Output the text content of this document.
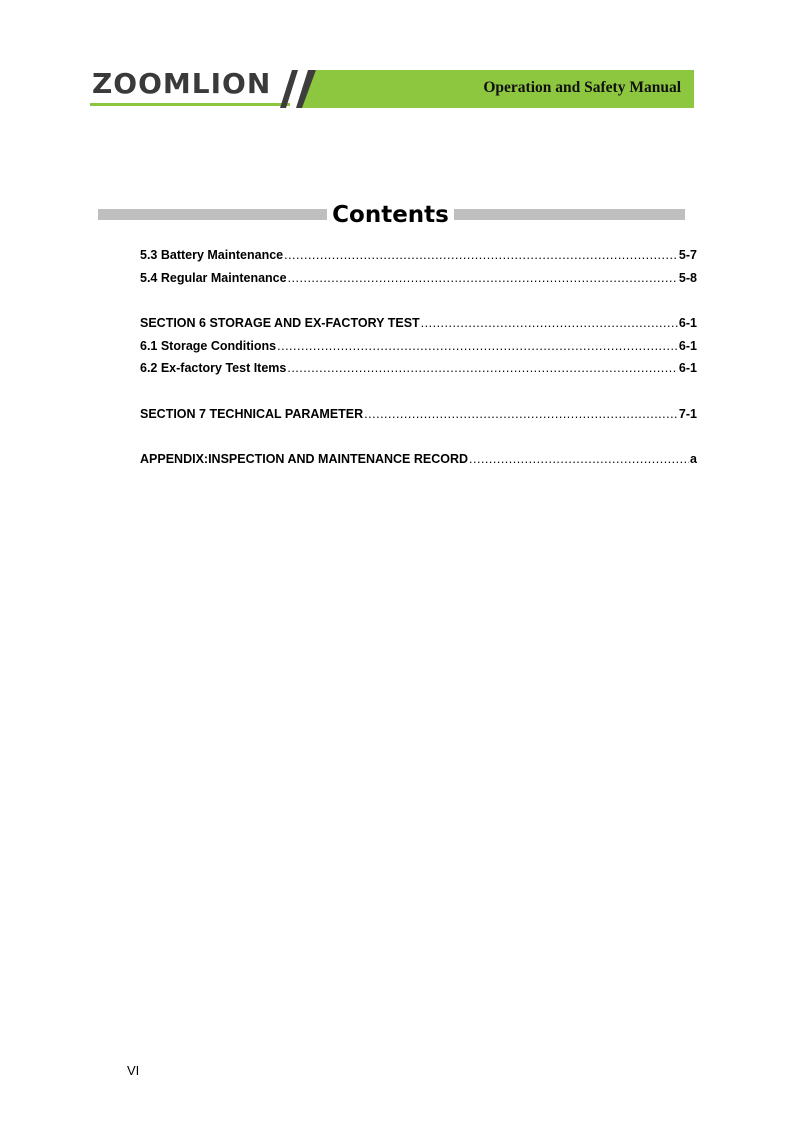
ZOOMLION	Operation and Safety Manual
Contents
5.3 Battery Maintenance .....	5-7
5.4 Regular Maintenance .....	5-8
SECTION 6 STORAGE AND EX-FACTORY TEST .....	6-1
6.1 Storage Conditions .....	6-1
6.2 Ex-factory Test Items .....	6-1
SECTION 7 TECHNICAL PARAMETER .....	7-1
APPENDIX:INSPECTION AND MAINTENANCE RECORD .....	a
VI
